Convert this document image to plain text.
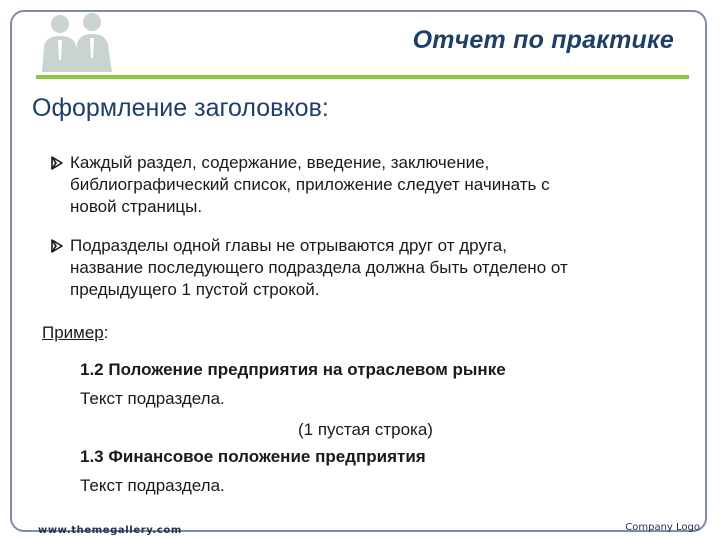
Отчет по практике
Оформление заголовков:
Каждый раздел, содержание, введение, заключение,
библиографический список, приложение следует начинать с
новой страницы.
Подразделы одной главы не отрываются друг от друга,
название последующего подраздела должна быть отделено от
предыдущего 1 пустой строкой.
Пример:
1.2 Положение предприятия на отраслевом рынке
Текст подраздела.
(1 пустая строка)
1.3 Финансовое положение предприятия
Текст подраздела.
www.themegallery.com	Company Logo
